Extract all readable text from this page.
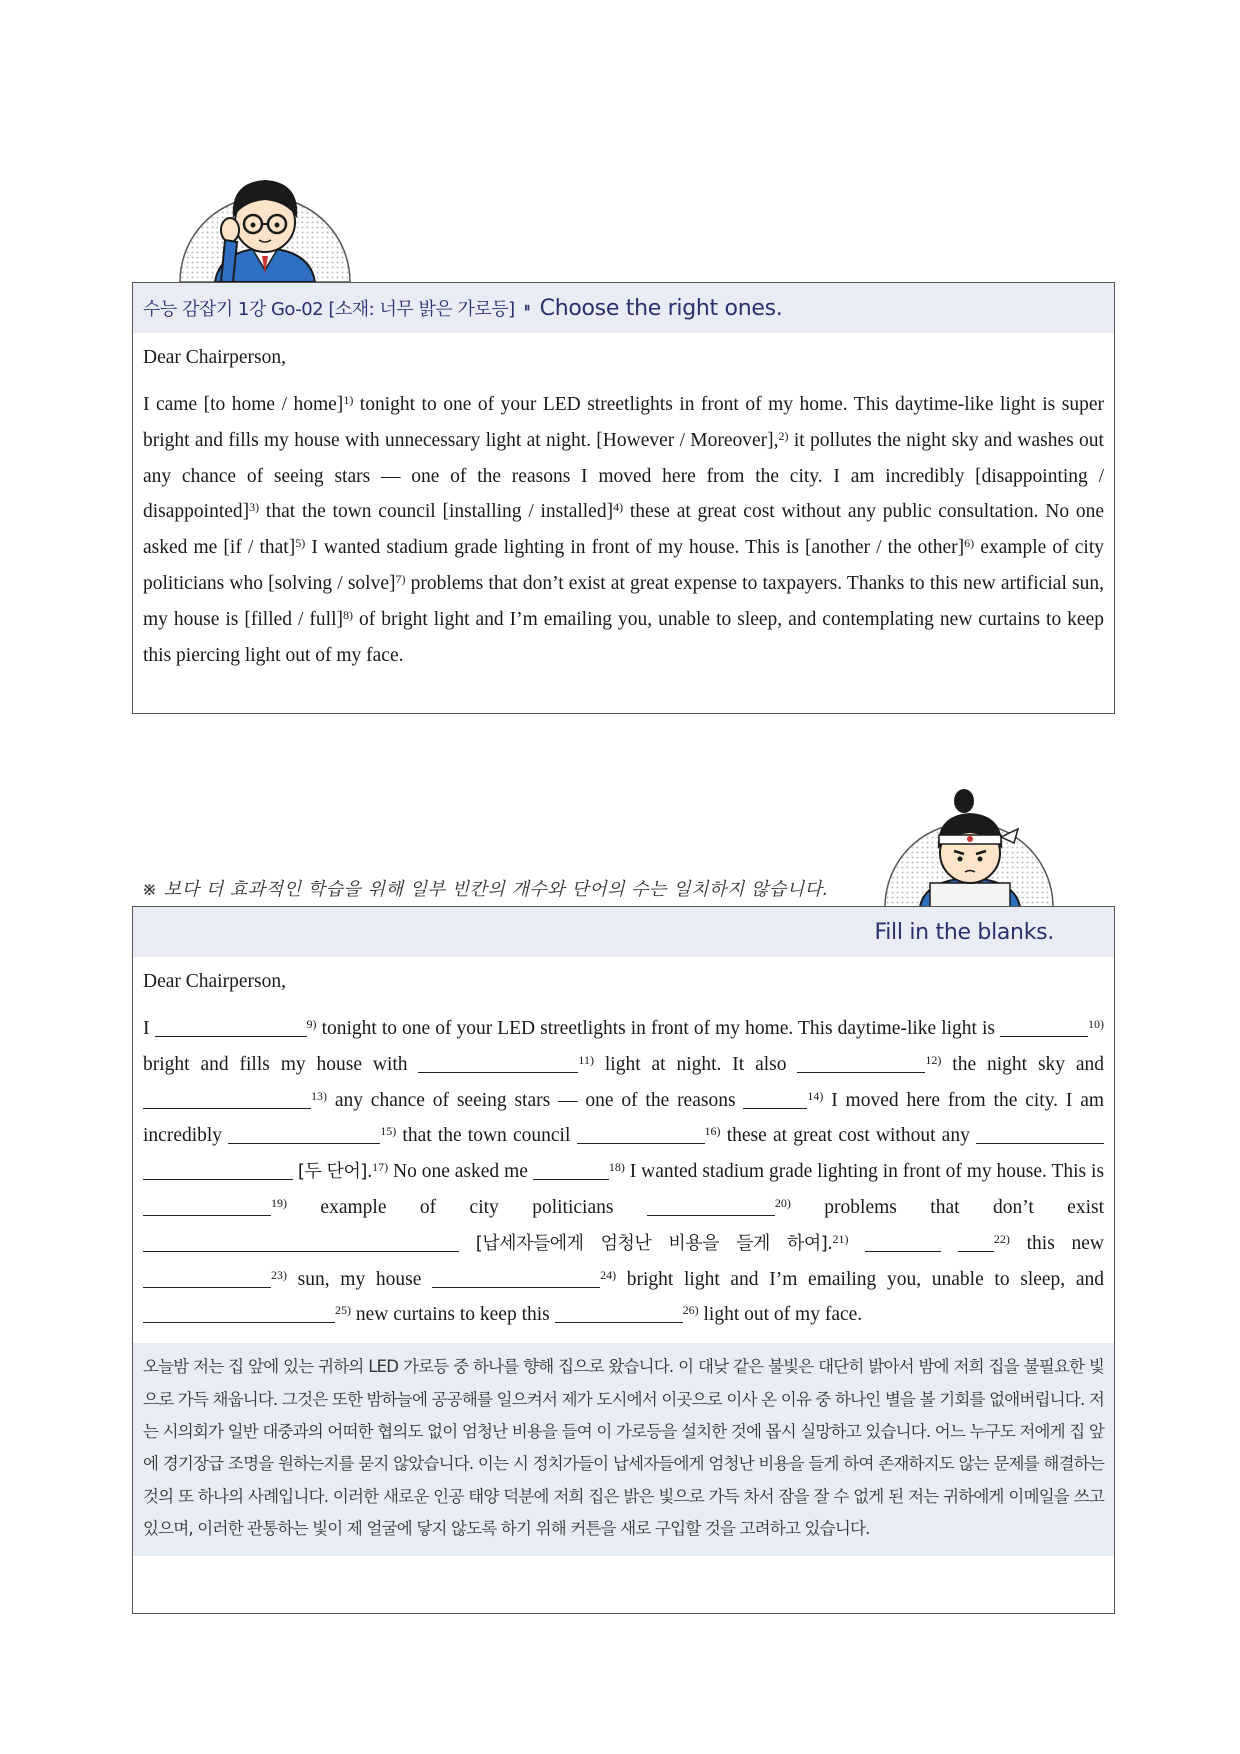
수능 감잡기 1강 Go-02 [소재: 너무 밝은 가로등] ⏸ Choose the right ones.
Dear Chairperson,
I came [to home / home]$^{1)}$ tonight to one of your LED streetlights in front of my home. This daytime-like light is super bright and fills my house with unnecessary light at night. [However / Moreover],$^{2)}$ it pollutes the night sky and washes out any chance of seeing stars — one of the reasons I moved here from the city. I am incredibly [disappointing / disappointed]$^{3)}$ that the town council [installing / installed]$^{4)}$ these at great cost without any public consultation. No one asked me [if / that]$^{5)}$ I wanted stadium grade lighting in front of my house. This is [another / the other]$^{6)}$ example of city politicians who [solving / solve]$^{7)}$ problems that don’t exist at great expense to taxpayers. Thanks to this new artificial sun, my house is [filled / full]$^{8)}$ of bright light and I’m emailing you, unable to sleep, and contemplating new curtains to keep this piercing light out of my face.
※ 보다 더 효과적인 학습을 위해 일부 빈칸의 개수와 단어의 수는 일치하지 않습니다.
Fill in the blanks.
Dear Chairperson,
I	$^{9)}$ tonight to one of your LED streetlights in front of my home. This daytime-like light is	$^{10)}$ bright and fills my house with	$^{11)}$ light at night. It also	$^{12)}$ the night sky and $^{13)}$ any chance of seeing stars — one of the reasons	$^{14)}$ I moved here from the city. I am incredibly	$^{15)}$ that the town council	$^{16)}$ these at great cost without any   [두 단어].$^{17)}$ No one asked me	$^{18)}$ I wanted stadium grade lighting in front of my house. This is $^{19)}$ example of city politicians	$^{20)}$ problems that don’t exist  [납세자들에게 엄청난 비용을 들게 하여].$^{21)}$	$^{22)}$ this new $^{23)}$ sun, my house	$^{24)}$ bright light and I’m emailing you, unable to sleep, and $^{25)}$ new curtains to keep this	$^{26)}$ light out of my face.
오늘밤 저는 집 앞에 있는 귀하의 LED 가로등 중 하나를 향해 집으로 왔습니다. 이 대낮 같은 불빛은 대단히 밝아서 밤에 저희 집을 불필요한 빛으로 가득 채웁니다. 그것은 또한 밤하늘에 공공해를 일으켜서 제가 도시에서 이곳으로 이사 온 이유 중 하나인 별을 볼 기회를 없애버립니다. 저는 시의회가 일반 대중과의 어떠한 협의도 없이 엄청난 비용을 들여 이 가로등을 설치한 것에 몹시 실망하고 있습니다. 어느 누구도 저에게 집 앞에 경기장급 조명을 원하는지를 묻지 않았습니다. 이는 시 정치가들이 납세자들에게 엄청난 비용을 들게 하여 존재하지도 않는 문제를 해결하는 것의 또 하나의 사례입니다. 이러한 새로운 인공 태양 덕분에 저희 집은 밝은 빛으로 가득 차서 잠을 잘 수 없게 된 저는 귀하에게 이메일을 쓰고 있으며, 이러한 관통하는 빛이 제 얼굴에 닿지 않도록 하기 위해 커튼을 새로 구입할 것을 고려하고 있습니다.
